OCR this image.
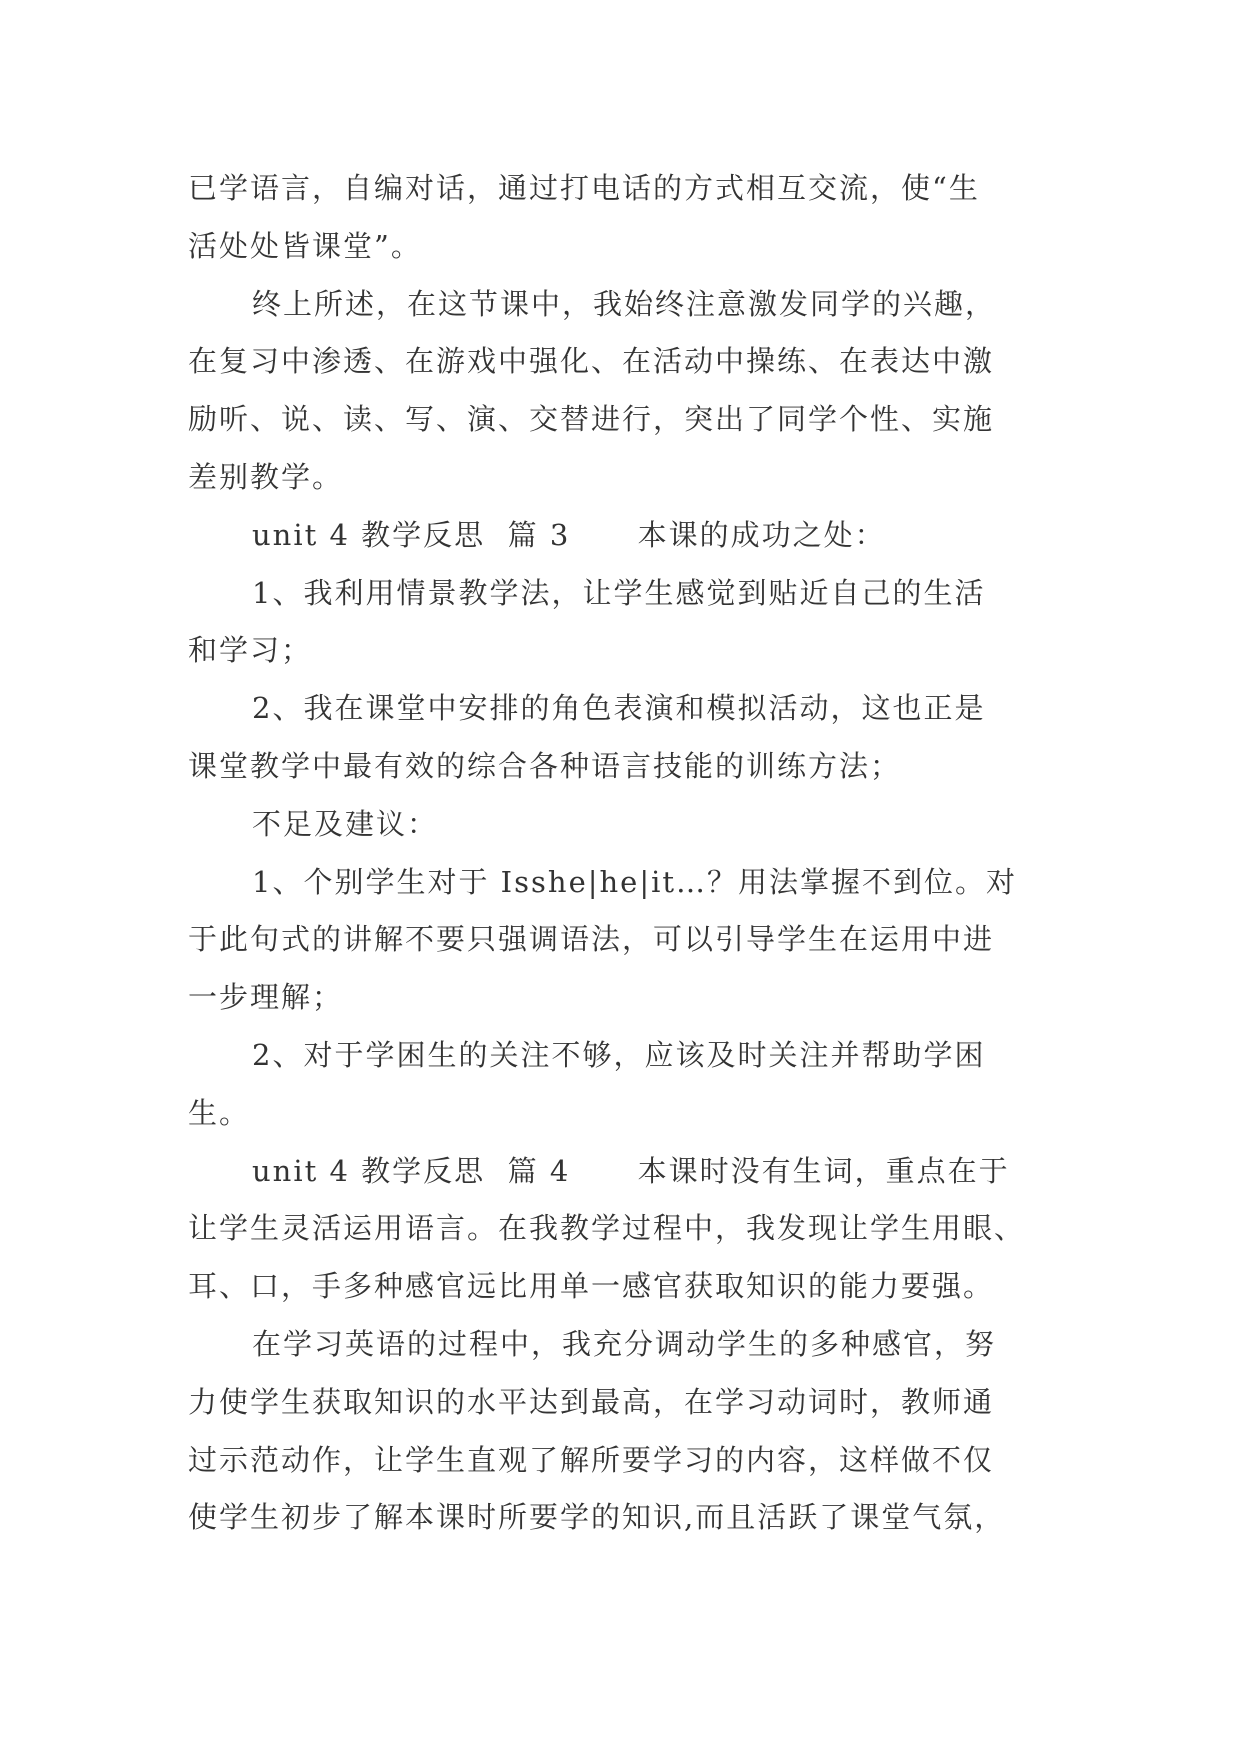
已学语言，自编对话，通过打电话的方式相互交流，使“生
活处处皆课堂”。
终上所述，在这节课中，我始终注意激发同学的兴趣，
在复习中渗透、在游戏中强化、在活动中操练、在表达中激
励听、说、读、写、演、交替进行，突出了同学个性、实施
差别教学。
unit 4 教学反思  篇 3      本课的成功之处：
1、我利用情景教学法，让学生感觉到贴近自己的生活
和学习；
2、我在课堂中安排的角色表演和模拟活动，这也正是
课堂教学中最有效的综合各种语言技能的训练方法；
不足及建议：
1、个别学生对于 Isshe|he|it…？用法掌握不到位。对
于此句式的讲解不要只强调语法，可以引导学生在运用中进
一步理解；
2、对于学困生的关注不够，应该及时关注并帮助学困
生。
unit 4 教学反思  篇 4      本课时没有生词，重点在于
让学生灵活运用语言。在我教学过程中，我发现让学生用眼、
耳、口，手多种感官远比用单一感官获取知识的能力要强。
在学习英语的过程中，我充分调动学生的多种感官，努
力使学生获取知识的水平达到最高，在学习动词时，教师通
过示范动作，让学生直观了解所要学习的内容，这样做不仅
使学生初步了解本课时所要学的知识,而且活跃了课堂气氛，
